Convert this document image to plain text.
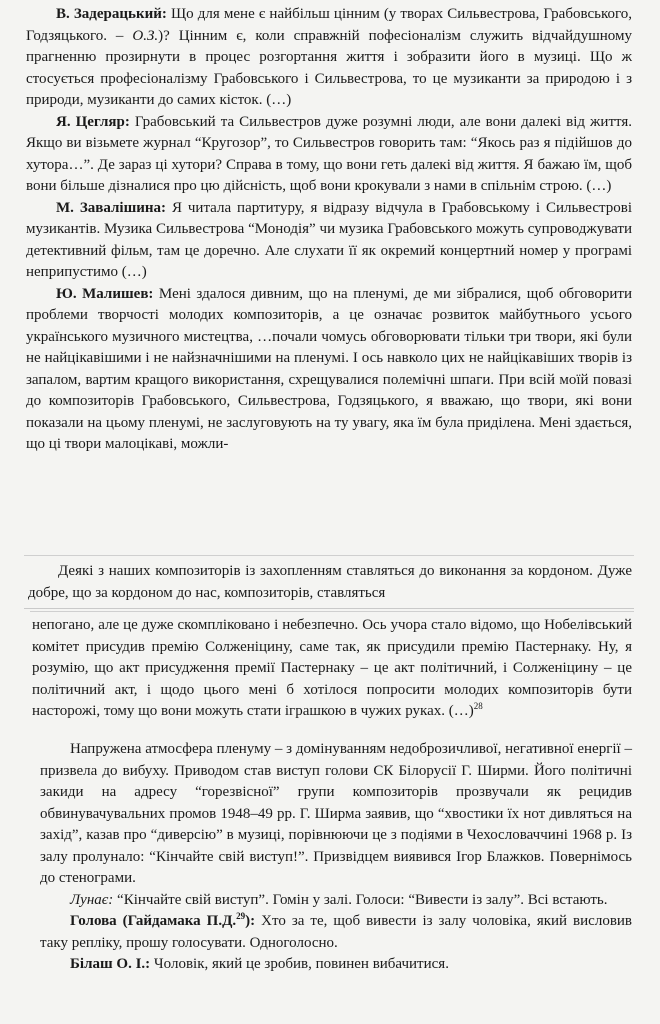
В. Задерацький: Що для мене є найбільш цінним (у творах Сильвестрова, Грабовського, Годзяцького. – О.З.)? Цінним є, коли справжній пофесіоналізм служить відчайдушному прагненню прозирнути в процес розгортання життя і зобразити його в музиці. Що ж стосується професіоналізму Грабовського і Сильвестрова, то це музиканти за природою і з природи, музиканти до самих кісток. (…)

Я. Цегляр: Грабовський та Сильвестров дуже розумні люди, але вони далекі від життя. Якщо ви візьмете журнал “Кругозор”, то Сильвестров говорить там: “Якось раз я підійшов до хутора…”. Де зараз ці хутори? Справа в тому, що вони геть далекі від життя. Я бажаю їм, щоб вони більше дізналися про цю дійсність, щоб вони крокували з нами в спільнім строю. (…)

М. Завалішина: Я читала партитуру, я відразу відчула в Грабовському і Сильвестрові музикантів. Музика Сильвестрова “Монодія” чи музика Грабовського можуть супроводжувати детективний фільм, там це доречно. Але слухати її як окремий концертний номер у програмі неприпустимо (…)

Ю. Малишев: Мені здалося дивним, що на пленумі, де ми зібралися, щоб обговорити проблеми творчості молодих композиторів, а це означає розвиток майбутнього усього українського музичного мистецтва, …почали чомусь обговорювати тільки три твори, які були не найцікавішими і не найзначнішими на пленумі. І ось навколо цих не найцікавіших творів із запалом, вартим кращого використання, схрещувалися полемічні шпаги. При всій моїй повазі до композиторів Грабовського, Сильвестрова, Годзяцького, я вважаю, що твори, які вони показали на цьому пленумі, не заслуговують на ту увагу, яка їм була приділена. Мені здається, що ці твори малоцікаві, можли-

Деякі з наших композиторів із захопленням ставляться до виконання за кордоном. Дуже добре, що за кордоном до нас, композиторів, ставляться

непогано, але це дуже скомпліковано і небезпечно. Ось учора стало відомо, що Нобелівський комітет присудив премію Солженіцину, саме так, як присудили премію Пастернаку. Ну, я розумію, що акт присудження премії Пастернаку – це акт політичний, і Солженіцину – це політичний акт, і щодо цього мені б хотілося попросити молодих композиторів бути насторожі, тому що вони можуть стати іграшкою в чужих руках. (…)$^{28}$

Напружена атмосфера пленуму – з домінуванням недоброзичливої, негативної енергії – призвела до вибуху. Приводом став виступ голови СК Білорусії Г. Ширми. Його політичні закиди на адресу “горезвісної” групи композиторів прозвучали як рецидив обвинувачувальних промов 1948–49 рр. Г. Ширма заявив, що “хвостики їх нот дивляться на захід”, казав про “диверсію” в музиці, порівнюючи це з подіями в Чехословаччині 1968 р. Із залу пролунало: “Кінчайте свій виступ!”. Призвідцем виявився Ігор Блажков. Повернімось до стенограми.

Лунає: “Кінчайте свій виступ”. Гомін у залі. Голоси: “Вивести із залу”. Всі встають.

Голова (Гайдамака П.Д.$^{29}$): Хто за те, щоб вивести із залу чоловіка, який висловив таку репліку, прошу голосувати. Одноголосно.

Білаш О. І.: Чоловік, який це зробив, повинен вибачитися.
